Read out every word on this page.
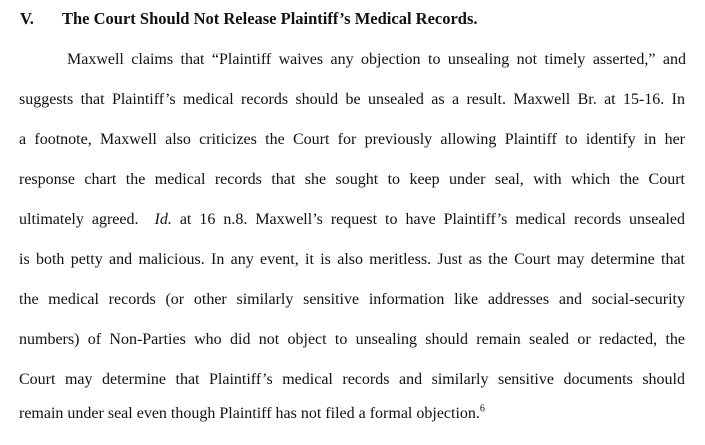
V. The Court Should Not Release Plaintiff’s Medical Records.
Maxwell claims that “Plaintiff waives any objection to unsealing not timely asserted,” and
suggests that Plaintiff’s medical records should be unsealed as a result. Maxwell Br. at 15-16. In
a footnote, Maxwell also criticizes the Court for previously allowing Plaintiff to identify in her
response chart the medical records that she sought to keep under seal, with which the Court
ultimately agreed. Id. at 16 n.8. Maxwell’s request to have Plaintiff’s medical records unsealed
is both petty and malicious. In any event, it is also meritless. Just as the Court may determine that
the medical records (or other similarly sensitive information like addresses and social-security
numbers) of Non-Parties who did not object to unsealing should remain sealed or redacted, the
Court may determine that Plaintiff’s medical records and similarly sensitive documents should
remain under seal even though Plaintiff has not filed a formal objection.$^6$
